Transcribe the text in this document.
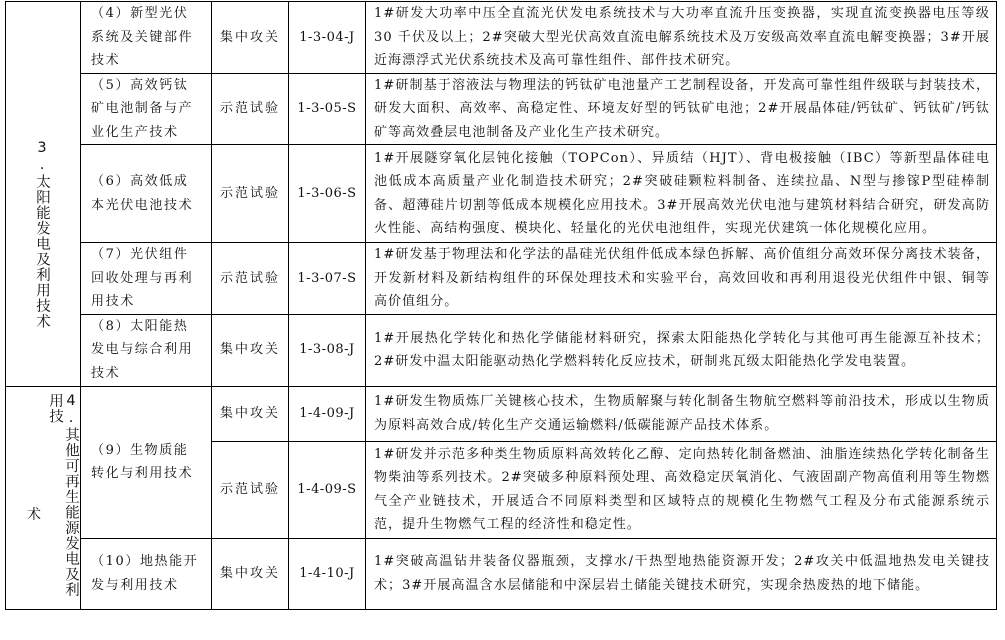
3.太阳能发电及利用技术	（4）新型光伏系统及关键部件技术	集中攻关	1-3-04-J	1#研发大功率中压全直流光伏发电系统技术与大功率直流升压变换器，实现直流变换器电压等级 30 千伏及以上；2#突破大型光伏高效直流电解系统技术及万安级高效率直流电解变换器；3#开展近海漂浮式光伏系统技术及高可靠性组件、部件技术研究。
	（5）高效钙钛矿电池制备与产业化生产技术	示范试验	1-3-05-S	1#研制基于溶液法与物理法的钙钛矿电池量产工艺制程设备，开发高可靠性组件级联与封装技术，研发大面积、高效率、高稳定性、环境友好型的钙钛矿电池；2#开展晶体硅/钙钛矿、钙钛矿/钙钛矿等高效叠层电池制备及产业化生产技术研究。
	（6）高效低成本光伏电池技术	示范试验	1-3-06-S	1#开展隧穿氧化层钝化接触（TOPCon）、异质结（HJT）、背电极接触（IBC）等新型晶体硅电池低成本高质量产业化制造技术研究；2#突破硅颗粒料制备、连续拉晶、N型与掺镓P型硅棒制备、超薄硅片切割等低成本规模化应用技术。3#开展高效光伏电池与建筑材料结合研究，研发高防火性能、高结构强度、模块化、轻量化的光伏电池组件，实现光伏建筑一体化规模化应用。
	（7）光伏组件回收处理与再利用技术	示范试验	1-3-07-S	1#研发基于物理法和化学法的晶硅光伏组件低成本绿色拆解、高价值组分高效环保分离技术装备，开发新材料及新结构组件的环保处理技术和实验平台，高效回收和再利用退役光伏组件中银、铜等高价值组分。
	（8）太阳能热发电与综合利用技术	集中攻关	1-3-08-J	1#开展热化学转化和热化学储能材料研究，探索太阳能热化学转化与其他可再生能源互补技术；2#研发中温太阳能驱动热化学燃料转化反应技术，研制兆瓦级太阳能热化学发电装置。

4.其他可再生能源发电及利用技
术	（9）生物质能转化与利用技术	集中攻关	1-4-09-J	1#研发生物质炼厂关键核心技术，生物质解聚与转化制备生物航空燃料等前沿技术，形成以生物质为原料高效合成/转化生产交通运输燃料/低碳能源产品技术体系。
		示范试验	1-4-09-S	1#研发并示范多种类生物质原料高效转化乙醇、定向热转化制备燃油、油脂连续热化学转化制备生物柴油等系列技术。2#突破多种原料预处理、高效稳定厌氧消化、气液固副产物高值利用等生物燃气全产业链技术，开展适合不同原料类型和区域特点的规模化生物燃气工程及分布式能源系统示范，提升生物燃气工程的经济性和稳定性。
	（10）地热能开发与利用技术	集中攻关	1-4-10-J	1#突破高温钻井装备仪器瓶颈，支撑水/干热型地热能资源开发；2#攻关中低温地热发电关键技术；3#开展高温含水层储能和中深层岩土储能关键技术研究，实现余热废热的地下储能。
